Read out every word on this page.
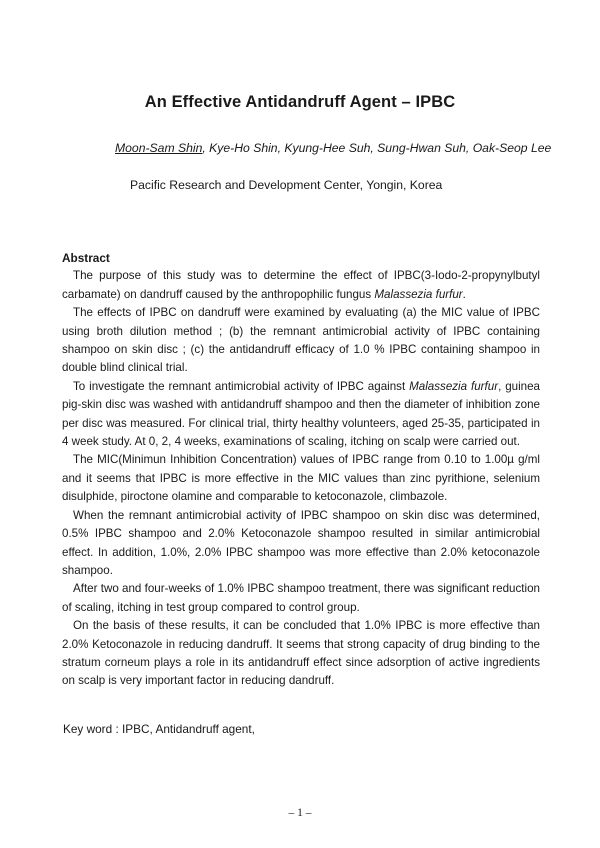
An Effective Antidandruff Agent – IPBC
Moon-Sam Shin, Kye-Ho Shin, Kyung-Hee Suh, Sung-Hwan Suh, Oak-Seop Lee
Pacific Research and Development Center, Yongin, Korea

Abstract

The purpose of this study was to determine the effect of IPBC(3-Iodo-2-propynylbutyl carbamate) on dandruff caused by the anthropophilic fungus Malassezia furfur.

The effects of IPBC on dandruff were examined by evaluating (a) the MIC value of IPBC using broth dilution method ; (b) the remnant antimicrobial activity of IPBC containing shampoo on skin disc ; (c) the antidandruff efficacy of 1.0 % IPBC containing shampoo in double blind clinical trial.

To investigate the remnant antimicrobial activity of IPBC against Malassezia furfur, guinea pig-skin disc was washed with antidandruff shampoo and then the diameter of inhibition zone per disc was measured. For clinical trial, thirty healthy volunteers, aged 25-35, participated in 4 week study. At 0, 2, 4 weeks, examinations of scaling, itching on scalp were carried out.

The MIC(Minimun Inhibition Concentration) values of IPBC range from 0.10 to 1.00µ g/ml and it seems that IPBC is more effective in the MIC values than zinc pyrithione, selenium disulphide, piroctone olamine and comparable to ketoconazole, climbazole.

When the remnant antimicrobial activity of IPBC shampoo on skin disc was determined, 0.5% IPBC shampoo and 2.0% Ketoconazole shampoo resulted in similar antimicrobial effect. In addition, 1.0%, 2.0% IPBC shampoo was more effective than 2.0% ketoconazole shampoo.

After two and four-weeks of 1.0% IPBC shampoo treatment, there was significant reduction of scaling, itching in test group compared to control group.

On the basis of these results, it can be concluded that 1.0% IPBC is more effective than 2.0% Ketoconazole in reducing dandruff. It seems that strong capacity of drug binding to the stratum corneum plays a role in its antidandruff effect since adsorption of active ingredients on scalp is very important factor in reducing dandruff.

Key word : IPBC, Antidandruff agent,
– 1 –
